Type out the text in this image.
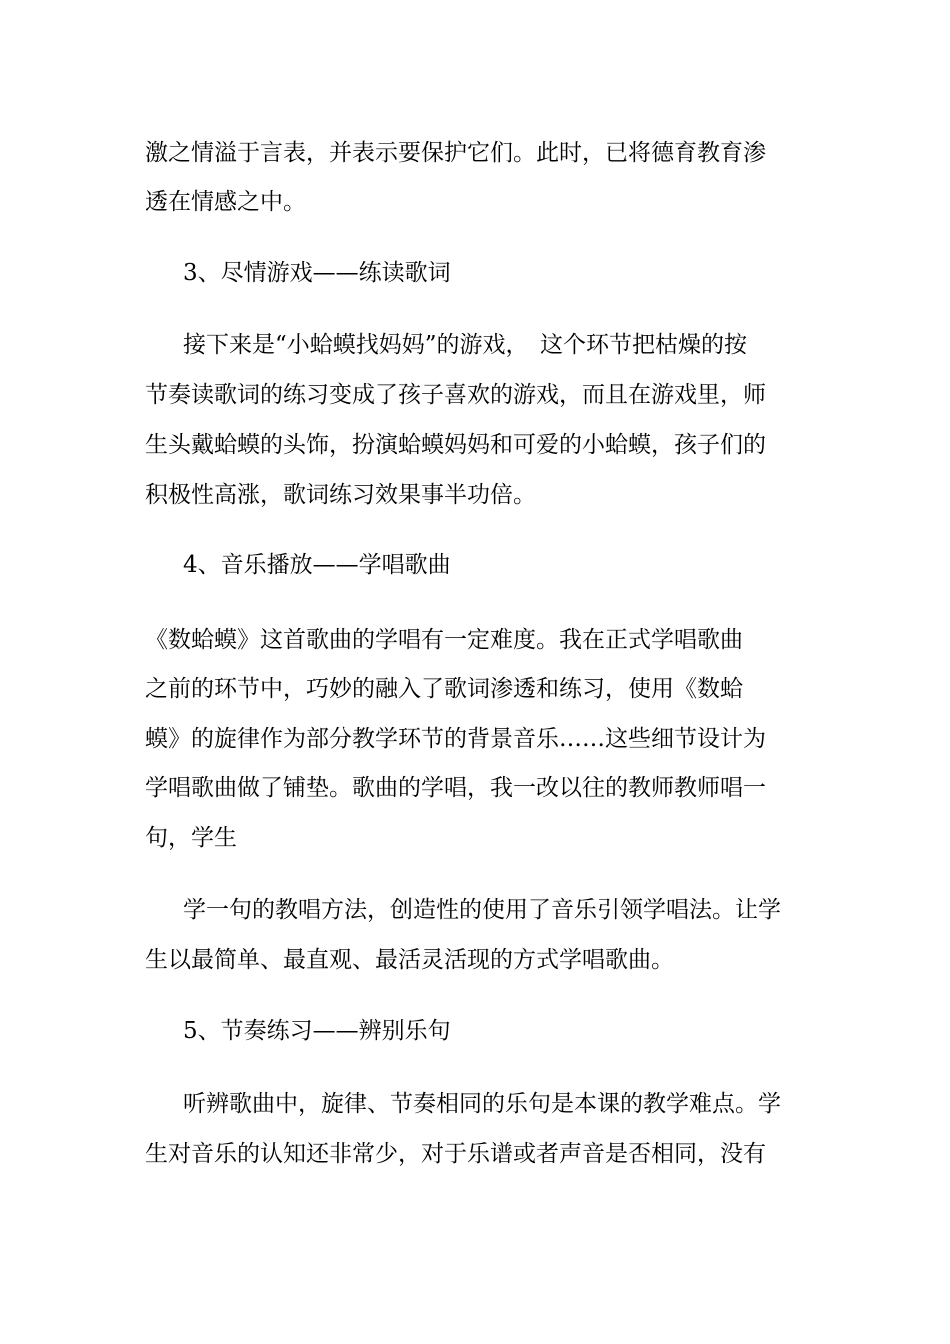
激之情溢于言表，并表示要保护它们。此时，已将德育教育渗
透在情感之中。
3、尽情游戏——练读歌词
接下来是“小蛤蟆找妈妈”的游戏，　这个环节把枯燥的按
节奏读歌词的练习变成了孩子喜欢的游戏，而且在游戏里，师
生头戴蛤蟆的头饰，扮演蛤蟆妈妈和可爱的小蛤蟆，孩子们的
积极性高涨，歌词练习效果事半功倍。
4、音乐播放——学唱歌曲
《数蛤蟆》这首歌曲的学唱有一定难度。我在正式学唱歌曲
之前的环节中，巧妙的融入了歌词渗透和练习，使用《数蛤
蟆》的旋律作为部分教学环节的背景音乐……这些细节设计为
学唱歌曲做了铺垫。歌曲的学唱，我一改以往的教师教师唱一
句，学生
学一句的教唱方法，创造性的使用了音乐引领学唱法。让学
生以最简单、最直观、最活灵活现的方式学唱歌曲。
5、节奏练习——辨别乐句
听辨歌曲中，旋律、节奏相同的乐句是本课的教学难点。学
生对音乐的认知还非常少，对于乐谱或者声音是否相同，没有
